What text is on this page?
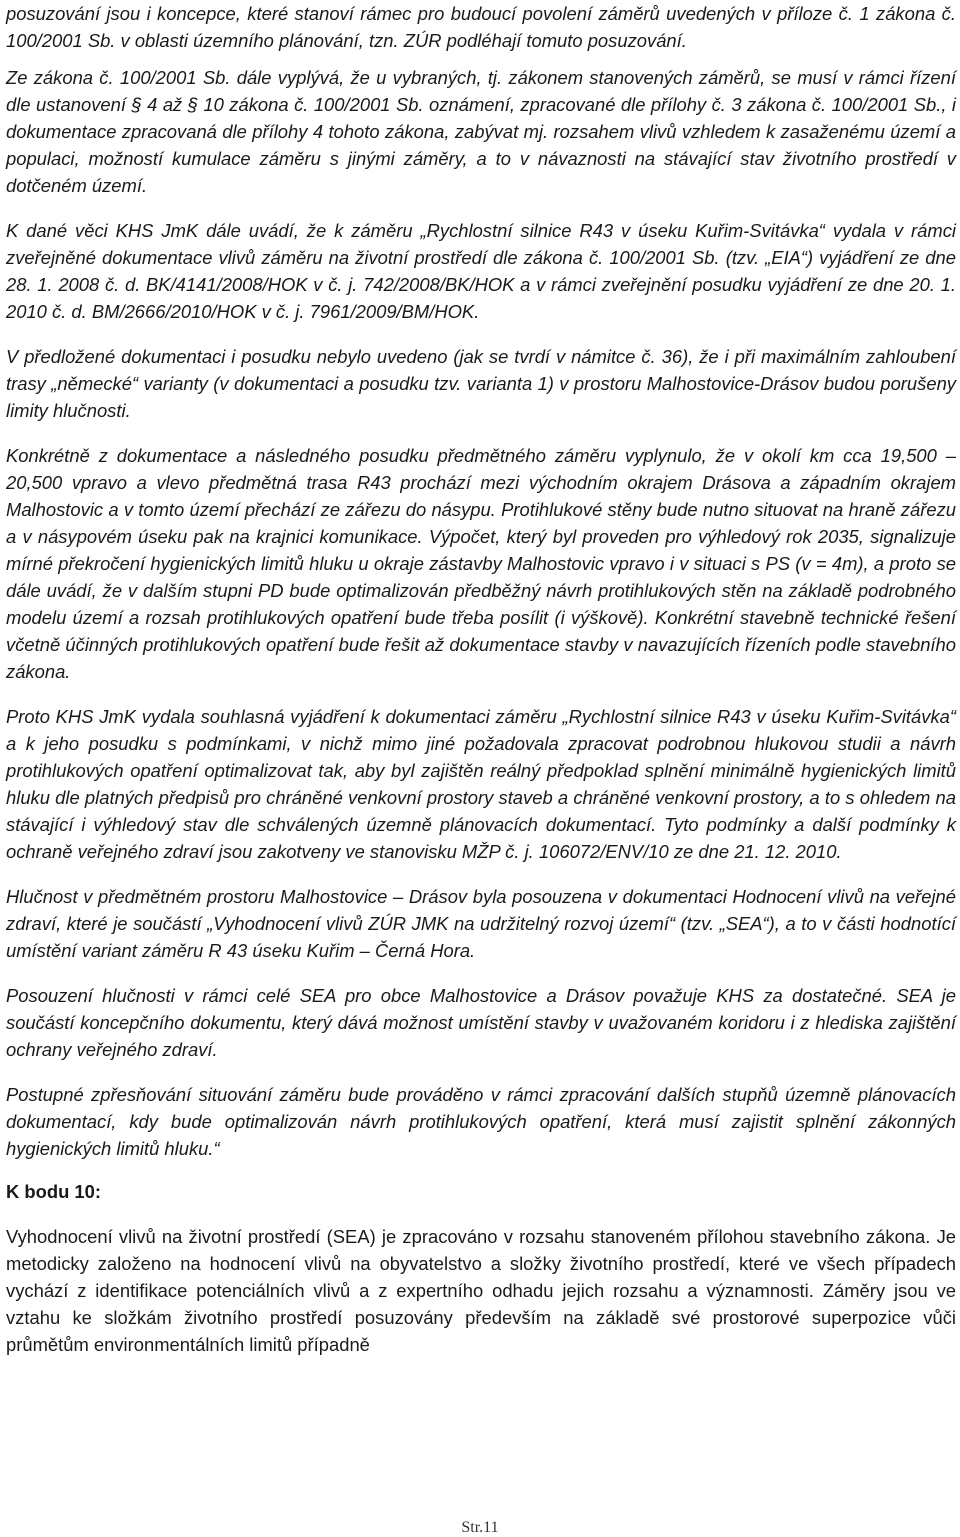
posuzování jsou i koncepce, které stanoví rámec pro budoucí povolení záměrů uvedených v příloze č. 1 zákona č. 100/2001 Sb. v oblasti územního plánování, tzn. ZÚR podléhají tomuto posuzování.

Ze zákona č. 100/2001 Sb. dále vyplývá, že u vybraných, tj. zákonem stanovených záměrů, se musí v rámci řízení dle ustanovení § 4 až § 10 zákona č. 100/2001 Sb. oznámení, zpracované dle přílohy č. 3 zákona č. 100/2001 Sb., i dokumentace zpracovaná dle přílohy 4 tohoto zákona, zabývat mj. rozsahem vlivů vzhledem k zasaženému území a populaci, možností kumulace záměru s jinými záměry, a to v návaznosti na stávající stav životního prostředí v dotčeném území.

K dané věci KHS JmK dále uvádí, že k záměru „Rychlostní silnice R43 v úseku Kuřim-Svitávka“ vydala v rámci zveřejněné dokumentace vlivů záměru na životní prostředí dle zákona č. 100/2001 Sb. (tzv. „EIA“) vyjádření ze dne 28. 1. 2008 č. d. BK/4141/2008/HOK v č. j. 742/2008/BK/HOK a v rámci zveřejnění posudku vyjádření ze dne 20. 1. 2010 č. d. BM/2666/2010/HOK v č. j. 7961/2009/BM/HOK.

V předložené dokumentaci i posudku nebylo uvedeno (jak se tvrdí v námitce č. 36), že i při maximálním zahloubení trasy „německé“ varianty (v dokumentaci a posudku tzv. varianta 1) v prostoru Malhostovice-Drásov budou porušeny limity hlučnosti.

Konkrétně z dokumentace a následného posudku předmětného záměru vyplynulo, že v okolí km cca 19,500 – 20,500 vpravo a vlevo předmětná trasa R43 prochází mezi východním okrajem Drásova a západním okrajem Malhostovic a v tomto území přechází ze zářezu do násypu. Protihlukové stěny bude nutno situovat na hraně zářezu a v násypovém úseku pak na krajnici komunikace. Výpočet, který byl proveden pro výhledový rok 2035, signalizuje mírné překročení hygienických limitů hluku u okraje zástavby Malhostovic vpravo i v situaci s PS (v = 4m), a proto se dále uvádí, že v dalším stupni PD bude optimalizován předběžný návrh protihlukových stěn na základě podrobného modelu území a rozsah protihlukových opatření bude třeba posílit (i výškově). Konkrétní stavebně technické řešení včetně účinných protihlukových opatření bude řešit až dokumentace stavby v navazujících řízeních podle stavebního zákona.

Proto KHS JmK vydala souhlasná vyjádření k dokumentaci záměru „Rychlostní silnice R43 v úseku Kuřim-Svitávka“ a k jeho posudku s podmínkami, v nichž mimo jiné požadovala zpracovat podrobnou hlukovou studii a návrh protihlukových opatření optimalizovat tak, aby byl zajištěn reálný předpoklad splnění minimálně hygienických limitů hluku dle platných předpisů pro chráněné venkovní prostory staveb a chráněné venkovní prostory, a to s ohledem na stávající i výhledový stav dle schválených územně plánovacích dokumentací. Tyto podmínky a další podmínky k ochraně veřejného zdraví jsou zakotveny ve stanovisku MŽP č. j. 106072/ENV/10 ze dne 21. 12. 2010.

Hlučnost v předmětném prostoru Malhostovice – Drásov byla posouzena v dokumentaci Hodnocení vlivů na veřejné zdraví, které je součástí „Vyhodnocení vlivů ZÚR JMK na udržitelný rozvoj území“ (tzv. „SEA“), a to v části hodnotící umístění variant záměru R 43 úseku Kuřim – Černá Hora.

Posouzení hlučnosti v rámci celé SEA pro obce Malhostovice a Drásov považuje KHS za dostatečné. SEA je součástí koncepčního dokumentu, který dává možnost umístění stavby v uvažovaném koridoru i z hlediska zajištění ochrany veřejného zdraví.

Postupné zpřesňování situování záměru bude prováděno v rámci zpracování dalších stupňů územně plánovacích dokumentací, kdy bude optimalizován návrh protihlukových opatření, která musí zajistit splnění zákonných hygienických limitů hluku.“

K bodu 10:

Vyhodnocení vlivů na životní prostředí (SEA) je zpracováno v rozsahu stanoveném přílohou stavebního zákona. Je metodicky založeno na hodnocení vlivů na obyvatelstvo a složky životního prostředí, které ve všech případech vychází z identifikace potenciálních vlivů a z expertního odhadu jejich rozsahu a významnosti. Záměry jsou ve vztahu ke složkám životního prostředí posuzovány především na základě své prostorové superpozice vůči průmětům environmentálních limitů případně

Str.11
